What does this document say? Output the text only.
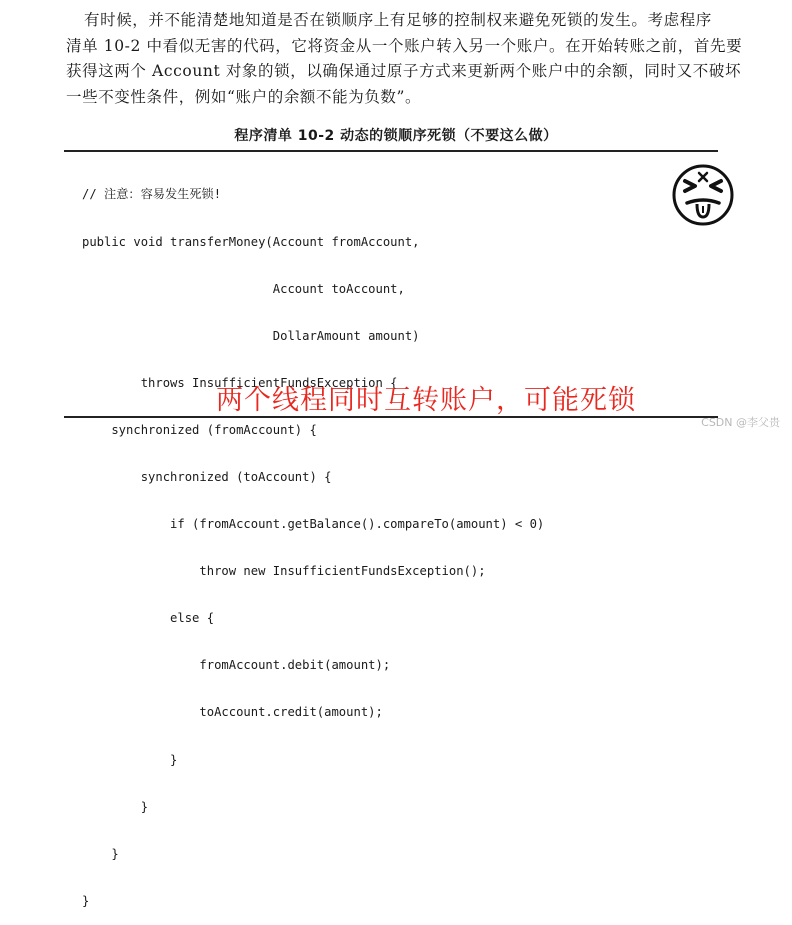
有时候，并不能清楚地知道是否在锁顺序上有足够的控制权来避免死锁的发生。考虑程序
清单 10-2 中看似无害的代码，它将资金从一个账户转入另一个账户。在开始转账之前，首先要
获得这两个 Account 对象的锁，以确保通过原子方式来更新两个账户中的余额，同时又不破坏
一些不变性条件，例如“账户的余额不能为负数”。
程序清单 10-2 动态的锁顺序死锁（不要这么做）

// 注意：容易发生死锁!

public void transferMoney(Account fromAccount,

Account toAccount,

DollarAmount amount)

throws InsufficientFundsException {

synchronized (fromAccount) {

synchronized (toAccount) {

if (fromAccount.getBalance().compareTo(amount) < 0)

throw new InsufficientFundsException();

else {

fromAccount.debit(amount);

toAccount.credit(amount);

}

}

}

}

两个线程同时互转账户，可能死锁
CSDN @李父贵
